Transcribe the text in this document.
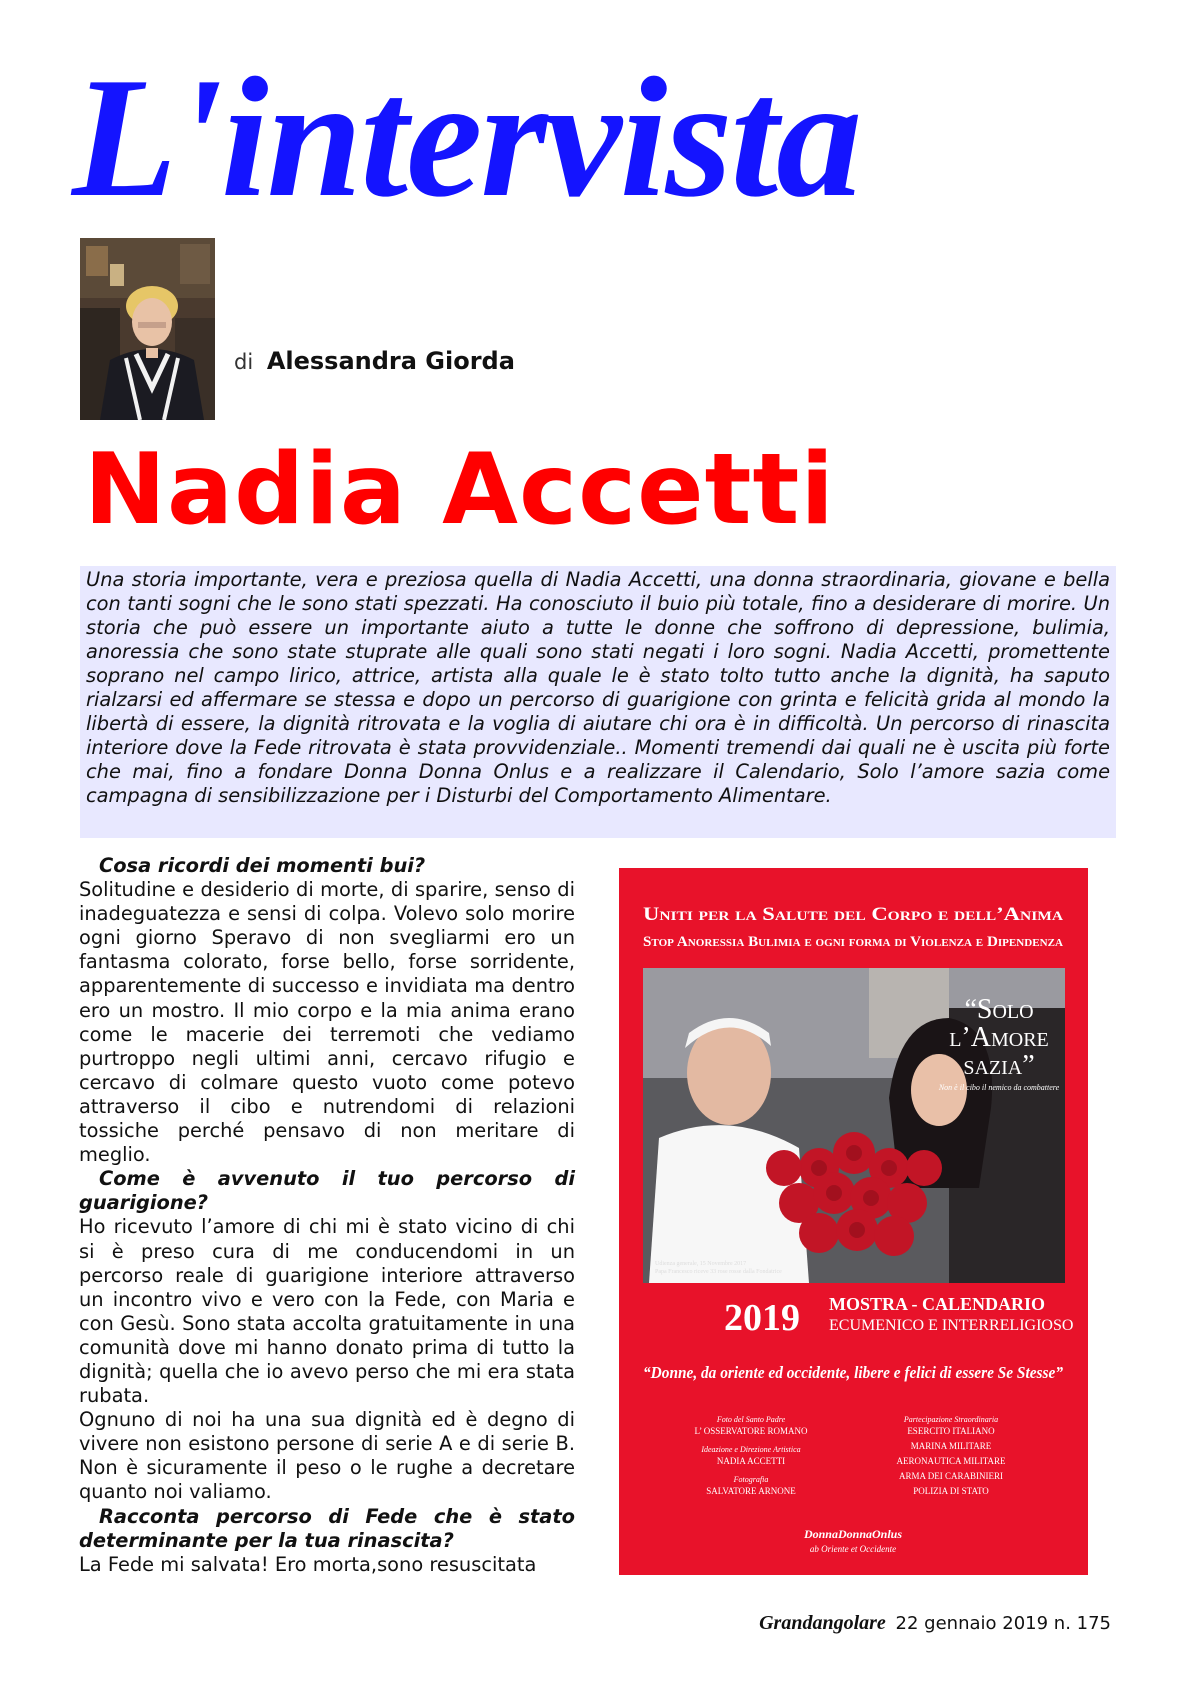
L'intervista
di Alessandra Giorda
Nadia Accetti

Una storia importante, vera e preziosa quella di Nadia Accetti, una donna straordinaria, giovane e bella con tanti sogni che le sono stati spezzati. Ha conosciuto il buio più totale, fino a desiderare di morire. Un storia che può essere un importante aiuto a tutte le donne che soffrono di depressione, bulimia, anoressia che sono state stuprate alle quali sono stati negati i loro sogni. Nadia Accetti, promettente soprano nel campo lirico, attrice, artista alla quale le è stato tolto tutto anche la dignità, ha saputo rialzarsi ed affermare se stessa e dopo un percorso di guarigione con grinta e felicità grida al mondo la libertà di essere, la dignità ritrovata e la voglia di aiutare chi ora è in difficoltà. Un percorso di rinascita interiore dove la Fede ritrovata è stata provvidenziale.. Momenti tremendi dai quali ne è uscita più forte che mai, fino a fondare Donna Donna Onlus e a realizzare il Calendario, Solo l’amore sazia come campagna di sensibilizzazione per i Disturbi del Comportamento Alimentare.

Cosa ricordi dei momenti bui?

Solitudine e desiderio di morte, di sparire, senso di inadeguatezza e sensi di colpa. Volevo solo morire ogni giorno Speravo di non svegliarmi ero un fantasma colorato, forse bello, forse sorridente, apparentemente di successo e invidiata ma dentro ero un mostro. Il mio corpo e la mia anima erano come le macerie dei terremoti che vediamo purtroppo negli ultimi anni, cercavo rifugio e cercavo di colmare questo vuoto come potevo attraverso il cibo e nutrendomi di relazioni tossiche perché pensavo di non meritare di meglio.

Come è avvenuto il tuo percorso di guarigione?

Ho ricevuto l’amore di chi mi è stato vicino di chi si è preso cura di me conducendomi in un percorso reale di guarigione interiore attraverso un incontro vivo e vero con la Fede, con Maria e con Gesù. Sono stata accolta gratuitamente in una comunità dove mi hanno donato prima di tutto la dignità; quella che io avevo perso che mi era stata rubata.

Ognuno di noi ha una sua dignità ed è degno di vivere non esistono persone di serie A e di serie B. Non è sicuramente il peso o le rughe a decretare quanto noi valiamo.

Racconta percorso di Fede che è stato determinante per la tua rinascita?

La Fede mi salvata! Ero morta,sono resuscitata

Uniti per la Salute del Corpo e dell’Anima
Stop Anoressia Bulimia e ogni forma di Violenza e Dipendenza
“Solo
l’Amore
sazia”
Non è il cibo il nemico da combattere
Udienza generale, 15 Novembre 2017
Papa Francesco riceve 33 rose rosse dalla Fondatrice
2019 MOSTRA - CALENDARIO
ECUMENICO E INTERRELIGIOSO
“Donne, da oriente ed occidente, libere e felici di essere Se Stesse”
Foto del Santo Padre
L’ OSSERVATORE ROMANO
Ideazione e Direzione Artistica
NADIA ACCETTI
Fotografia
SALVATORE ARNONE
Partecipazione Straordinaria
ESERCITO ITALIANO
MARINA MILITARE
AERONAUTICA MILITARE
ARMA DEI CARABINIERI
POLIZIA DI STATO
DonnaDonnaOnlus
ab Oriente et Occidente
Grandangolare 22 gennaio 2019 n. 175
